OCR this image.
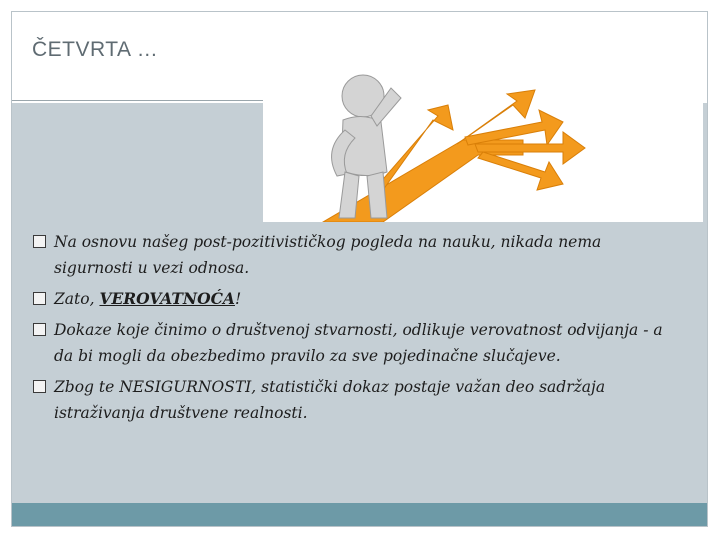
ČETVRTA …
Na osnovu našeg post-pozitivističkog pogleda na nauku, nikada nema sigurnosti u vezi odnosa.
Zato, VEROVATNOĆA!
Dokaze koje činimo o društvenoj stvarnosti, odlikuje verovatnost odvijanja - a da bi mogli da obezbedimo pravilo za sve pojedinačne slučajeve.
Zbog te NESIGURNOSTI, statistički dokaz postaje važan deo sadržaja istraživanja društvene realnosti.
